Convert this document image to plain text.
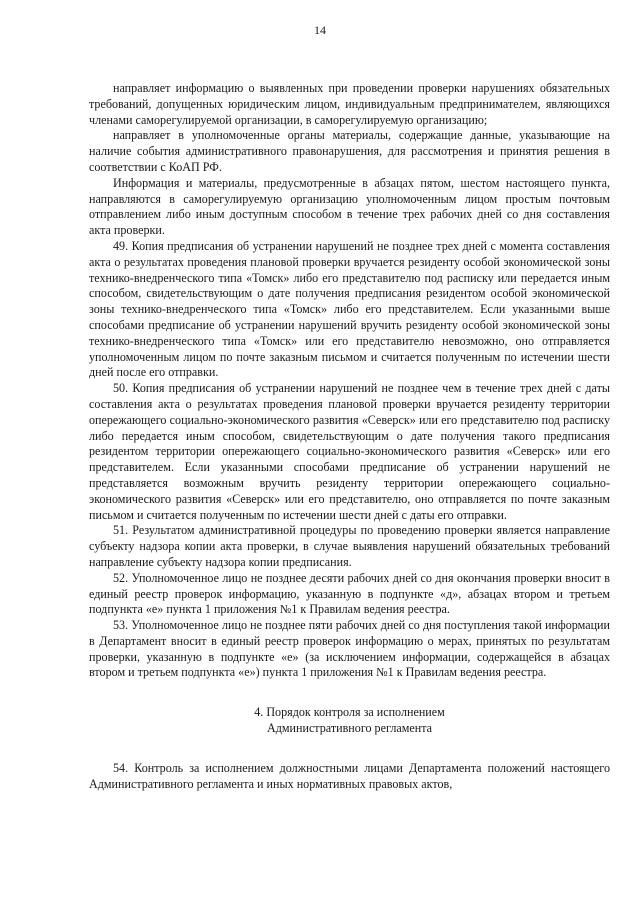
14

направляет информацию о выявленных при проведении проверки нарушениях обязательных требований, допущенных юридическим лицом, индивидуальным предпринимателем, являющихся членами саморегулируемой организации, в саморегулируемую организацию;

направляет в уполномоченные органы материалы, содержащие данные, указывающие на наличие события административного правонарушения, для рассмотрения и принятия решения в соответствии с КоАП РФ.

Информация и материалы, предусмотренные в абзацах пятом, шестом настоящего пункта, направляются в саморегулируемую организацию уполномоченным лицом простым почтовым отправлением либо иным доступным способом в течение трех рабочих дней со дня составления акта проверки.

49. Копия предписания об устранении нарушений не позднее трех дней с момента составления акта о результатах проведения плановой проверки вручается резиденту особой экономической зоны технико-внедренческого типа «Томск» либо его представителю под расписку или передается иным способом, свидетельствующим о дате получения предписания резидентом особой экономической зоны технико-внедренческого типа «Томск» либо его представителем. Если указанными выше способами предписание об устранении нарушений вручить резиденту особой экономической зоны технико-внедренческого типа «Томск» или его представителю невозможно, оно отправляется уполномоченным лицом по почте заказным письмом и считается полученным по истечении шести дней после его отправки.

50. Копия предписания об устранении нарушений не позднее чем в течение трех дней с даты составления акта о результатах проведения плановой проверки вручается резиденту территории опережающего социально-экономического развития «Северск» или его представителю под расписку либо передается иным способом, свидетельствующим о дате получения такого предписания резидентом территории опережающего социально-экономического развития «Северск» или его представителем. Если указанными способами предписание об устранении нарушений не представляется возможным вручить резиденту территории опережающего социально-экономического развития «Северск» или его представителю, оно отправляется по почте заказным письмом и считается полученным по истечении шести дней с даты его отправки.

51. Результатом административной процедуры по проведению проверки является направление субъекту надзора копии акта проверки, в случае выявления нарушений обязательных требований направление субъекту надзора копии предписания.

52. Уполномоченное лицо не позднее десяти рабочих дней со дня окончания проверки вносит в единый реестр проверок информацию, указанную в подпункте «д», абзацах втором и третьем подпункта «е» пункта 1 приложения №1 к Правилам ведения реестра.

53. Уполномоченное лицо не позднее пяти рабочих дней со дня поступления такой информации в Департамент вносит в единый реестр проверок информацию о мерах, принятых по результатам проверки, указанную в подпункте «е» (за исключением информации, содержащейся в абзацах втором и третьем подпункта «е») пункта 1 приложения №1 к Правилам ведения реестра.

4. Порядок контроля за исполнением
Административного регламента

54. Контроль за исполнением должностными лицами Департамента положений настоящего Административного регламента и иных нормативных правовых актов,
